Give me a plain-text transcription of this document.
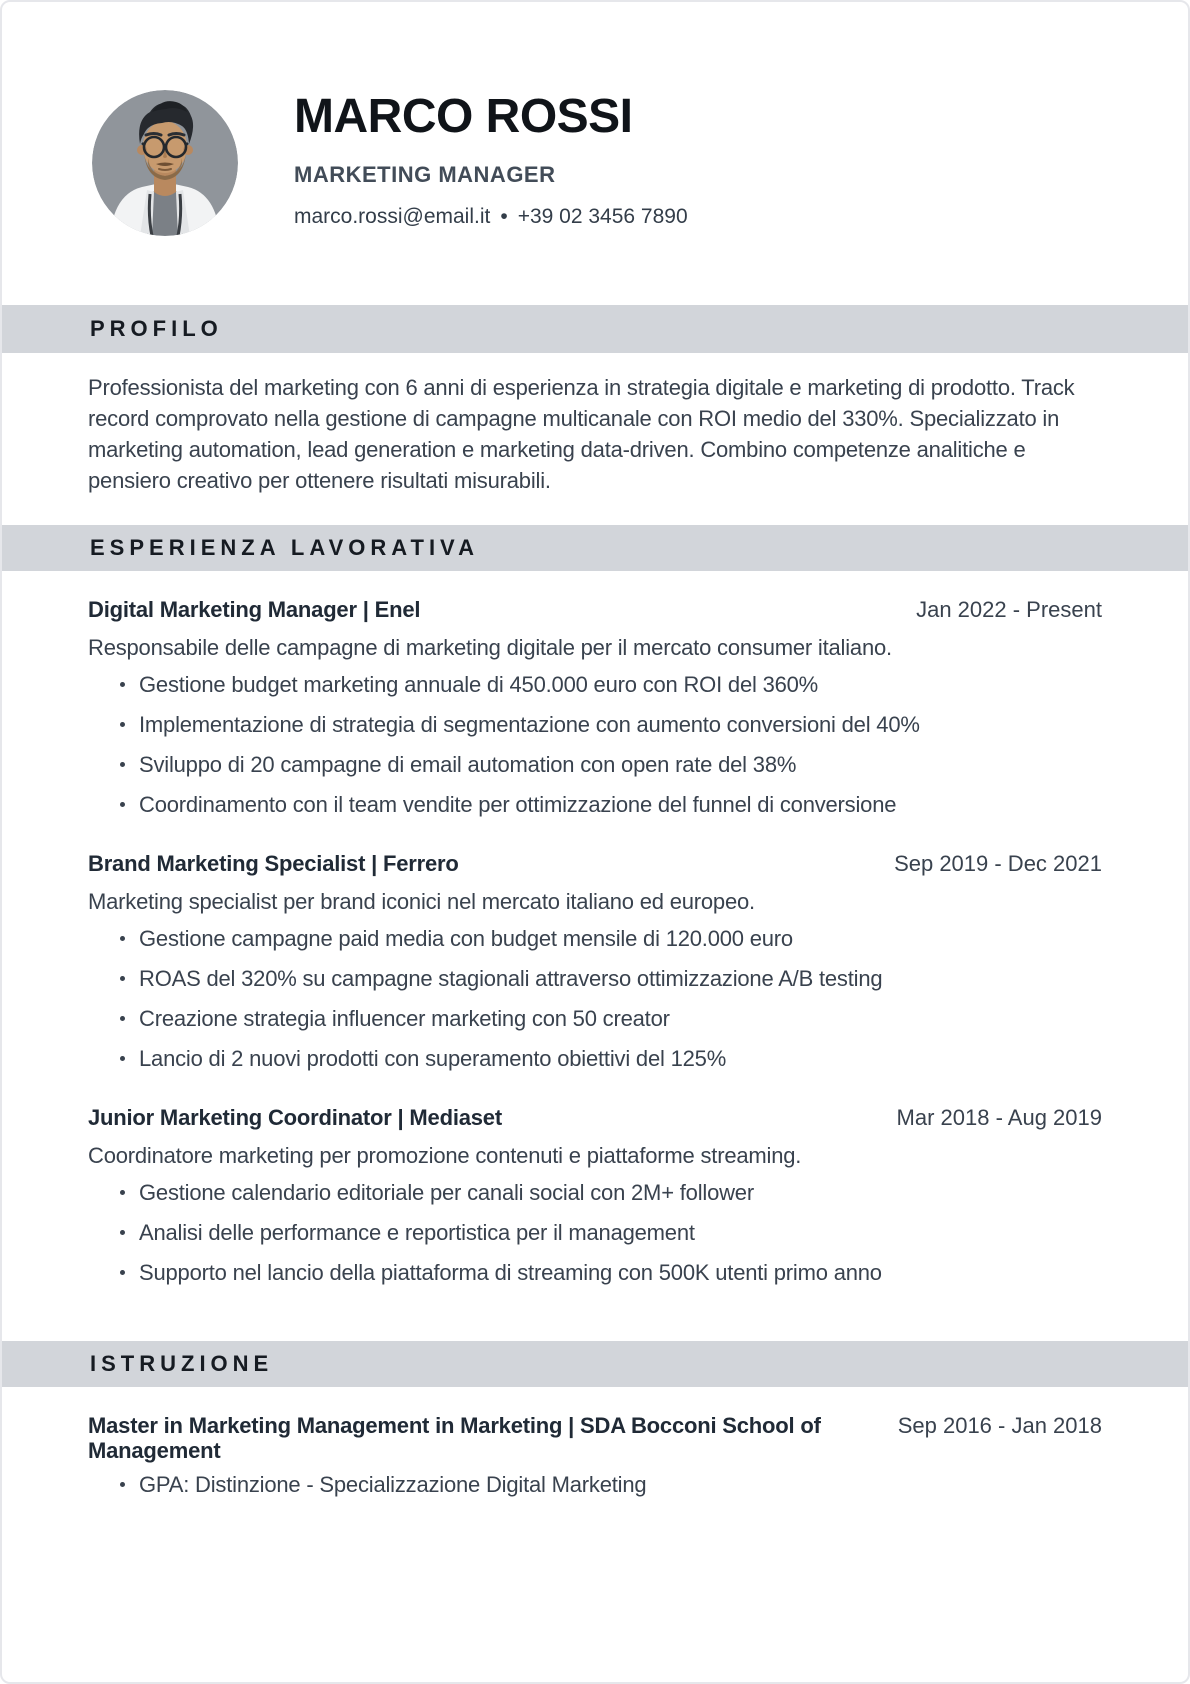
MARCO ROSSI
MARKETING MANAGER
marco.rossi@email.it • +39 02 3456 7890
PROFILO

Professionista del marketing con 6 anni di esperienza in strategia digitale e marketing di prodotto. Track record comprovato nella gestione di campagne multicanale con ROI medio del 330%. Specializzato in marketing automation, lead generation e marketing data-driven. Combino competenze analitiche e pensiero creativo per ottenere risultati misurabili.

ESPERIENZA LAVORATIVA
Digital Marketing Manager | Enel	Jan 2022 - Present
Responsabile delle campagne di marketing digitale per il mercato consumer italiano.
Gestione budget marketing annuale di 450.000 euro con ROI del 360%
Implementazione di strategia di segmentazione con aumento conversioni del 40%
Sviluppo di 20 campagne di email automation con open rate del 38%
Coordinamento con il team vendite per ottimizzazione del funnel di conversione
Brand Marketing Specialist | Ferrero	Sep 2019 - Dec 2021
Marketing specialist per brand iconici nel mercato italiano ed europeo.
Gestione campagne paid media con budget mensile di 120.000 euro
ROAS del 320% su campagne stagionali attraverso ottimizzazione A/B testing
Creazione strategia influencer marketing con 50 creator
Lancio di 2 nuovi prodotti con superamento obiettivi del 125%
Junior Marketing Coordinator | Mediaset	Mar 2018 - Aug 2019
Coordinatore marketing per promozione contenuti e piattaforme streaming.
Gestione calendario editoriale per canali social con 2M+ follower
Analisi delle performance e reportistica per il management
Supporto nel lancio della piattaforma di streaming con 500K utenti primo anno
ISTRUZIONE
Master in Marketing Management in Marketing | SDA Bocconi School of Management
Sep 2016 - Jan 2018
GPA: Distinzione - Specializzazione Digital Marketing
